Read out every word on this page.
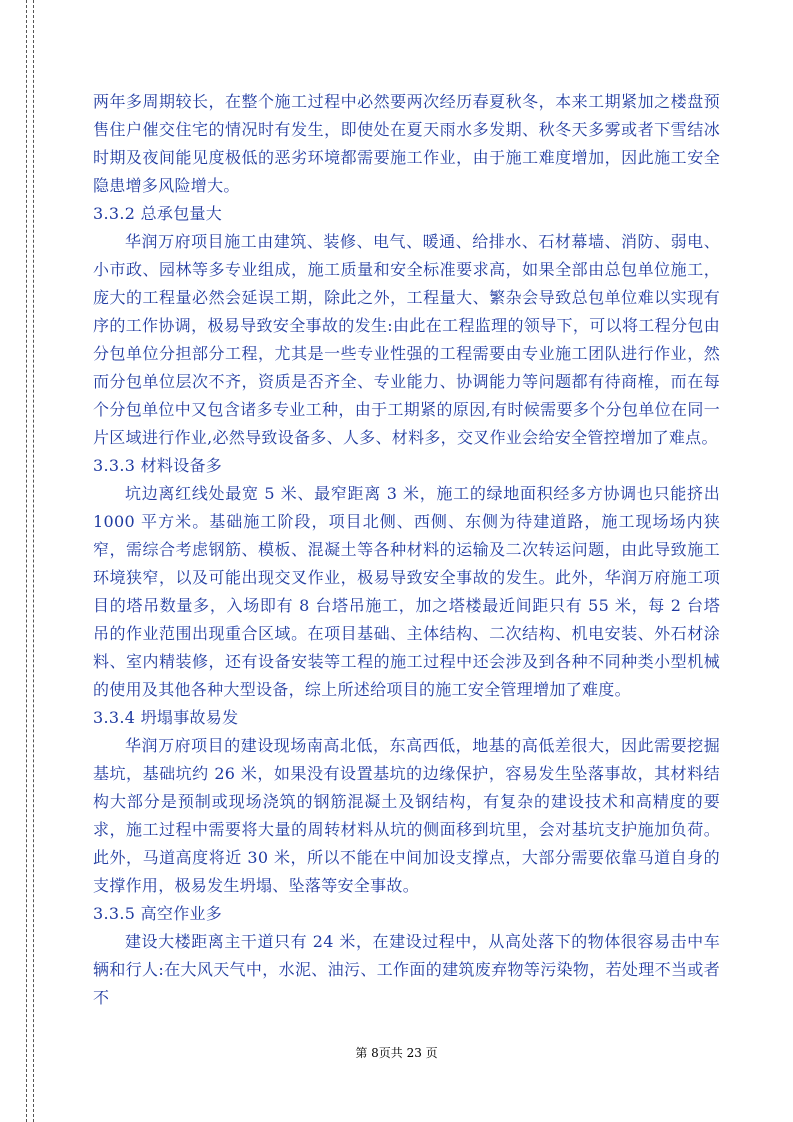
两年多周期较长，在整个施工过程中必然要两次经历春夏秋冬，本来工期紧加之楼盘预售住户催交住宅的情况时有发生，即使处在夏天雨水多发期、秋冬天多雾或者下雪结冰时期及夜间能见度极低的恶劣环境都需要施工作业，由于施工难度增加，因此施工安全隐患增多风险增大。

3.3.2 总承包量大

华润万府项目施工由建筑、装修、电气、暖通、给排水、石材幕墙、消防、弱电、小市政、园林等多专业组成，施工质量和安全标准要求高，如果全部由总包单位施工，庞大的工程量必然会延误工期，除此之外，工程量大、繁杂会导致总包单位难以实现有序的工作协调，极易导致安全事故的发生:由此在工程监理的领导下，可以将工程分包由分包单位分担部分工程，尤其是一些专业性强的工程需要由专业施工团队进行作业，然而分包单位层次不齐，资质是否齐全、专业能力、协调能力等问题都有待商榷，而在每个分包单位中又包含诸多专业工种，由于工期紧的原因,有时候需要多个分包单位在同一片区域进行作业,必然导致设备多、人多、材料多，交叉作业会给安全管控增加了难点。

3.3.3 材料设备多

坑边离红线处最宽 5 米、最窄距离 3 米，施工的绿地面积经多方协调也只能挤出 1000 平方米。基础施工阶段，项目北侧、西侧、东侧为待建道路，施工现场场内狭窄，需综合考虑钢筋、模板、混凝土等各种材料的运输及二次转运问题，由此导致施工环境狭窄，以及可能出现交叉作业，极易导致安全事故的发生。此外，华润万府施工项目的塔吊数量多，入场即有 8 台塔吊施工，加之塔楼最近间距只有 55 米，每 2 台塔吊的作业范围出现重合区域。在项目基础、主体结构、二次结构、机电安装、外石材涂料、室内精装修，还有设备安装等工程的施工过程中还会涉及到各种不同种类小型机械的使用及其他各种大型设备，综上所述给项目的施工安全管理增加了难度。

3.3.4 坍塌事故易发

华润万府项目的建设现场南高北低，东高西低，地基的高低差很大，因此需要挖掘基坑，基础坑约 26 米，如果没有设置基坑的边缘保护，容易发生坠落事故，其材料结构大部分是预制或现场浇筑的钢筋混凝土及钢结构，有复杂的建设技术和高精度的要求，施工过程中需要将大量的周转材料从坑的侧面移到坑里，会对基坑支护施加负荷。此外，马道高度将近 30 米，所以不能在中间加设支撑点，大部分需要依靠马道自身的支撑作用，极易发生坍塌、坠落等安全事故。

3.3.5 高空作业多

建设大楼距离主干道只有 24 米，在建设过程中，从高处落下的物体很容易击中车辆和行人:在大风天气中，水泥、油污、工作面的建筑废弃物等污染物，若处理不当或者不

第 8页共 23 页
